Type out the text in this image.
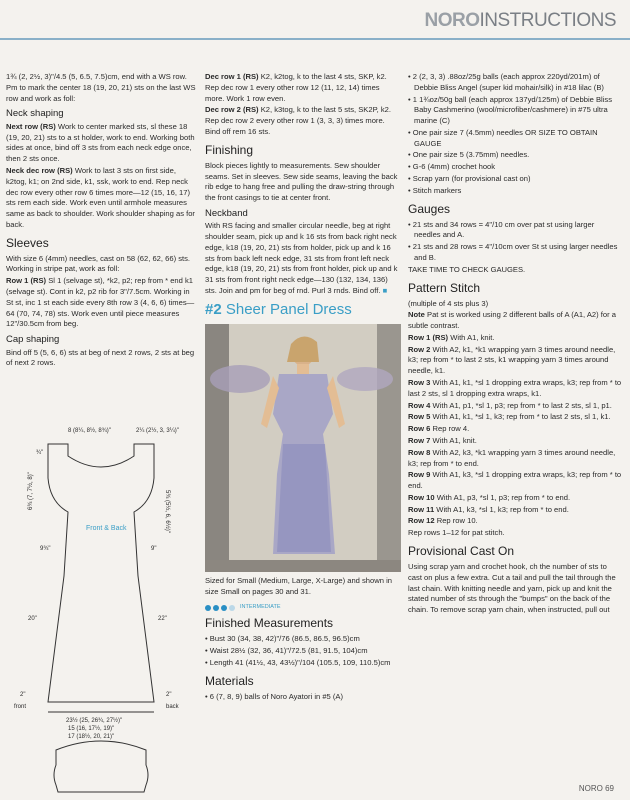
NOROINSTRUCTIONS

1¾ (2, 2½, 3)"/4.5 (5, 6.5, 7.5)cm, end with a WS row. Pm to mark the center 18 (19, 20, 21) sts on the last WS row and work as foll:

Neck shaping

Next row (RS) Work to center marked sts, sl these 18 (19, 20, 21) sts to a st holder, work to end. Working both sides at once, bind off 3 sts from each neck edge once, then 2 sts once.

Neck dec row (RS) Work to last 3 sts on first side, k2tog, k1; on 2nd side, k1, ssk, work to end. Rep neck dec row every other row 6 times more—12 (15, 16, 17) sts rem each side. Work even until armhole measures same as back to shoulder. Work shoulder shaping as for back.

Sleeves

With size 6 (4mm) needles, cast on 58 (62, 62, 66) sts. Working in stripe pat, work as foll:

Row 1 (RS) Sl 1 (selvage st), *k2, p2; rep from * end k1 (selvage st). Cont in k2, p2 rib for 3"/7.5cm. Working in St st, inc 1 st each side every 8th row 3 (4, 6, 6) times—64 (70, 74, 78) sts. Work even until piece measures 12"/30.5cm from beg.

Cap shaping

Bind off 5 (5, 6, 6) sts at beg of next 2 rows, 2 sts at beg of next 2 rows.

8 (8¼, 8½, 8¾)"	2¼ (2½, 3, 3¼)"
¾"
6¾ (7, 7½, 8)"	5¾ (5½, 6, 6½)"
9¾"	9"
20"	22"
2"
front
2"
back
23½ (25, 26¾, 27½)"
15 (16, 17½, 19)"
17 (18½, 20, 21)"
Front & Back

Dec row 1 (RS) K2, k2tog, k to the last 4 sts, SKP, k2. Rep dec row 1 every other row 12 (11, 12, 14) times more. Work 1 row even.

Dec row 2 (RS) K2, k3tog, k to the last 5 sts, SK2P, k2. Rep dec row 2 every other row 1 (3, 3, 3) times more. Bind off rem 16 sts.

Finishing

Block pieces lightly to measurements. Sew shoulder seams. Set in sleeves. Sew side seams, leaving the back rib edge to hang free and pulling the draw-string through the front casings to tie at center front.

Neckband

With RS facing and smaller circular needle, beg at right shoulder seam, pick up and k 16 sts from back right neck edge, k18 (19, 20, 21) sts from holder, pick up and k 16 sts from back left neck edge, 31 sts from front left neck edge, k18 (19, 20, 21) sts from front holder, pick up and k 31 sts from front right neck edge—130 (132, 134, 136) sts. Join and pm for beg of rnd. Purl 3 rnds. Bind off. ■

#2 Sheer Panel Dress

Sized for Small (Medium, Large, X-Large) and shown in size Small on pages 30 and 31.

INTERMEDIATE
Finished Measurements
• Bust 30 (34, 38, 42)"/76 (86.5, 86.5, 96.5)cm
• Waist 28½ (32, 36, 41)"/72.5 (81, 91.5, 104)cm
• Length 41 (41½, 43, 43½)"/104 (105.5, 109, 110.5)cm
Materials
• 6 (7, 8, 9) balls of Noro Ayatori in #5 (A)
• 2 (2, 3, 3) .88oz/25g balls (each approx 220yd/201m) of Debbie Bliss Angel (super kid mohair/silk) in #18 lilac (B)
• 1 1¾oz/50g ball (each approx 137yd/125m) of Debbie Bliss Baby Cashmerino (wool/microfiber/cashmere) in #75 ultra marine (C)
• One pair size 7 (4.5mm) needles OR SIZE TO OBTAIN GAUGE
• One pair size 5 (3.75mm) needles.
• G-6 (4mm) crochet hook
• Scrap yarn (for provisional cast on)
• Stitch markers
Gauges
• 21 sts and 34 rows = 4"/10 cm over pat st using larger needles and A.
• 21 sts and 28 rows = 4"/10cm over St st using larger needles and B.

TAKE TIME TO CHECK GAUGES.

Pattern Stitch

(multiple of 4 sts plus 3)

Note Pat st is worked using 2 different balls of A (A1, A2) for a subtle contrast.

Row 1 (RS) With A1, knit.

Row 2 With A2, k1, *k1 wrapping yarn 3 times around needle, k3; rep from * to last 2 sts, k1 wrapping yarn 3 times around needle, k1.

Row 3 With A1, k1, *sl 1 dropping extra wraps, k3; rep from * to last 2 sts, sl 1 dropping extra wraps, k1.

Row 4 With A1, p1, *sl 1, p3; rep from * to last 2 sts, sl 1, p1.

Row 5 With A1, k1, *sl 1, k3; rep from * to last 2 sts, sl 1, k1.

Row 6 Rep row 4.

Row 7 With A1, knit.

Row 8 With A2, k3, *k1 wrapping yarn 3 times around needle, k3; rep from * to end.

Row 9 With A1, k3, *sl 1 dropping extra wraps, k3; rep from * to end.

Row 10 With A1, p3, *sl 1, p3; rep from * to end.

Row 11 With A1, k3, *sl 1, k3; rep from * to end.

Row 12 Rep row 10.

Rep rows 1–12 for pat stitch.

Provisional Cast On

Using scrap yarn and crochet hook, ch the number of sts to cast on plus a few extra. Cut a tail and pull the tail through the last chain. With knitting needle and yarn, pick up and knit the stated number of sts through the "bumps" on the back of the chain. To remove scrap yarn chain, when instructed, pull out

NORO 69
